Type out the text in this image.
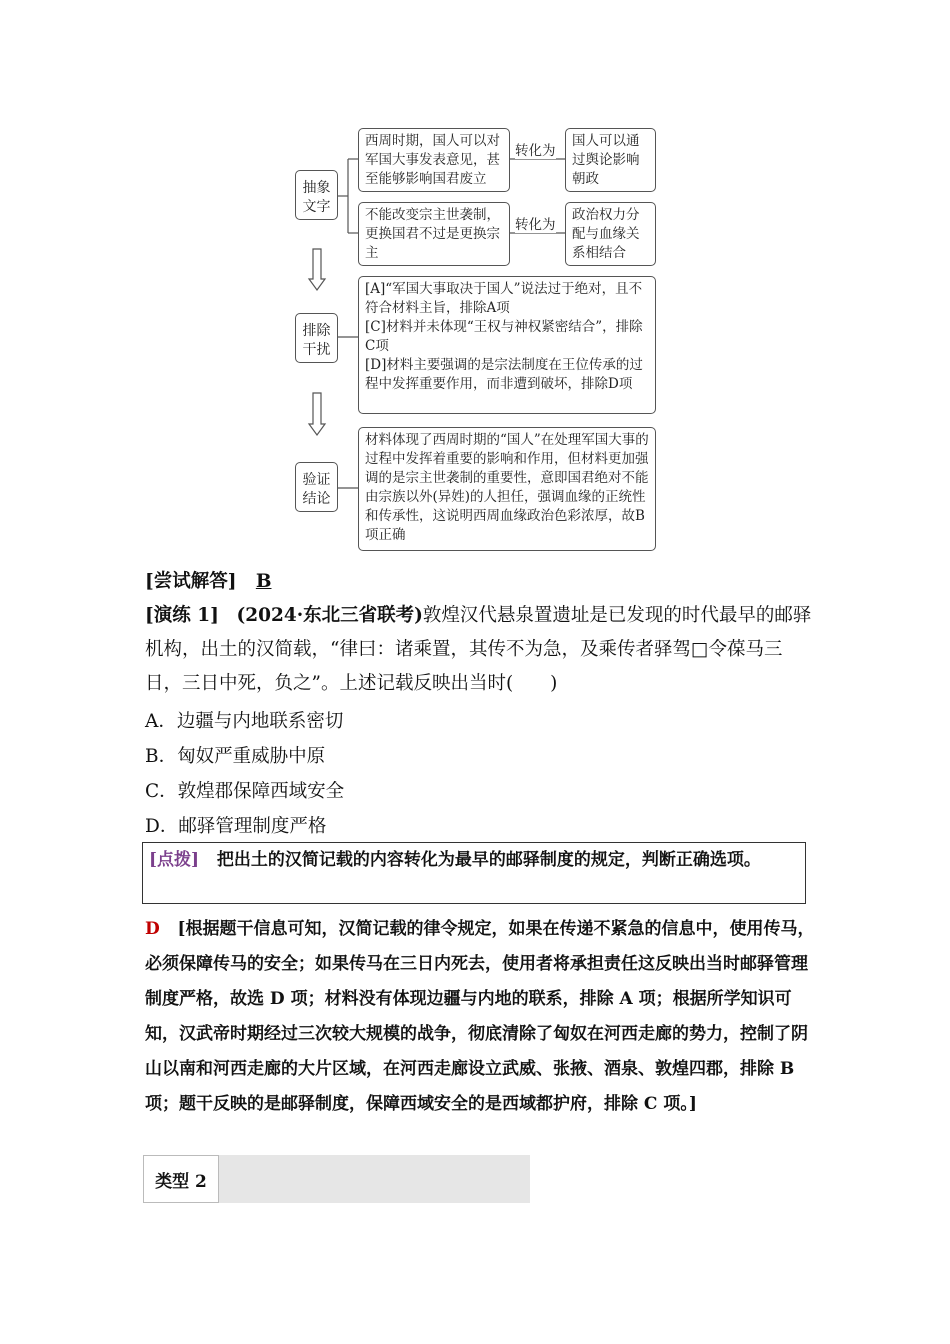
抽象
文字
排除
干扰
验证
结论
西周时期，国人可以对军国大事发表意见，甚至能够影响国君废立
转化为
国人可以通过舆论影响朝政
不能改变宗主世袭制，更换国君不过是更换宗主
转化为
政治权力分配与血缘关系相结合
[A]“军国大事取决于国人”说法过于绝对，且不符合材料主旨，排除A项
[C]材料并未体现“王权与神权紧密结合”，排除C项
[D]材料主要强调的是宗法制度在王位传承的过程中发挥重要作用，而非遭到破坏，排除D项
材料体现了西周时期的“国人”在处理军国大事的过程中发挥着重要的影响和作用，但材料更加强调的是宗主世袭制的重要性，意即国君绝对不能由宗族以外(异姓)的人担任，强调血缘的正统性和传承性，这说明西周血缘政治色彩浓厚，故B项正确
[尝试解答] B
[演练 1] (2024·东北三省联考)敦煌汉代悬泉置遗址是已发现的时代最早的邮驿机构，出土的汉简载，“律曰：诸乘置，其传不为急，及乘传者驿驾□令葆马三日，三日中死，负之”。上述记载反映出当时(　　)
A．边疆与内地联系密切
B．匈奴严重威胁中原
C．敦煌郡保障西域安全
D．邮驿管理制度严格
[点拨] 把出土的汉简记载的内容转化为最早的邮驿制度的规定，判断正确选项。
D [根据题干信息可知，汉简记载的律令规定，如果在传递不紧急的信息中，使用传马，必须保障传马的安全；如果传马在三日内死去，使用者将承担责任这反映出当时邮驿管理制度严格，故选 D 项；材料没有体现边疆与内地的联系，排除 A 项；根据所学知识可知，汉武帝时期经过三次较大规模的战争，彻底清除了匈奴在河西走廊的势力，控制了阴山以南和河西走廊的大片区域，在河西走廊设立武威、张掖、酒泉、敦煌四郡，排除 B 项；题干反映的是邮驿制度，保障西域安全的是西域都护府，排除 C 项。]
类型 2
